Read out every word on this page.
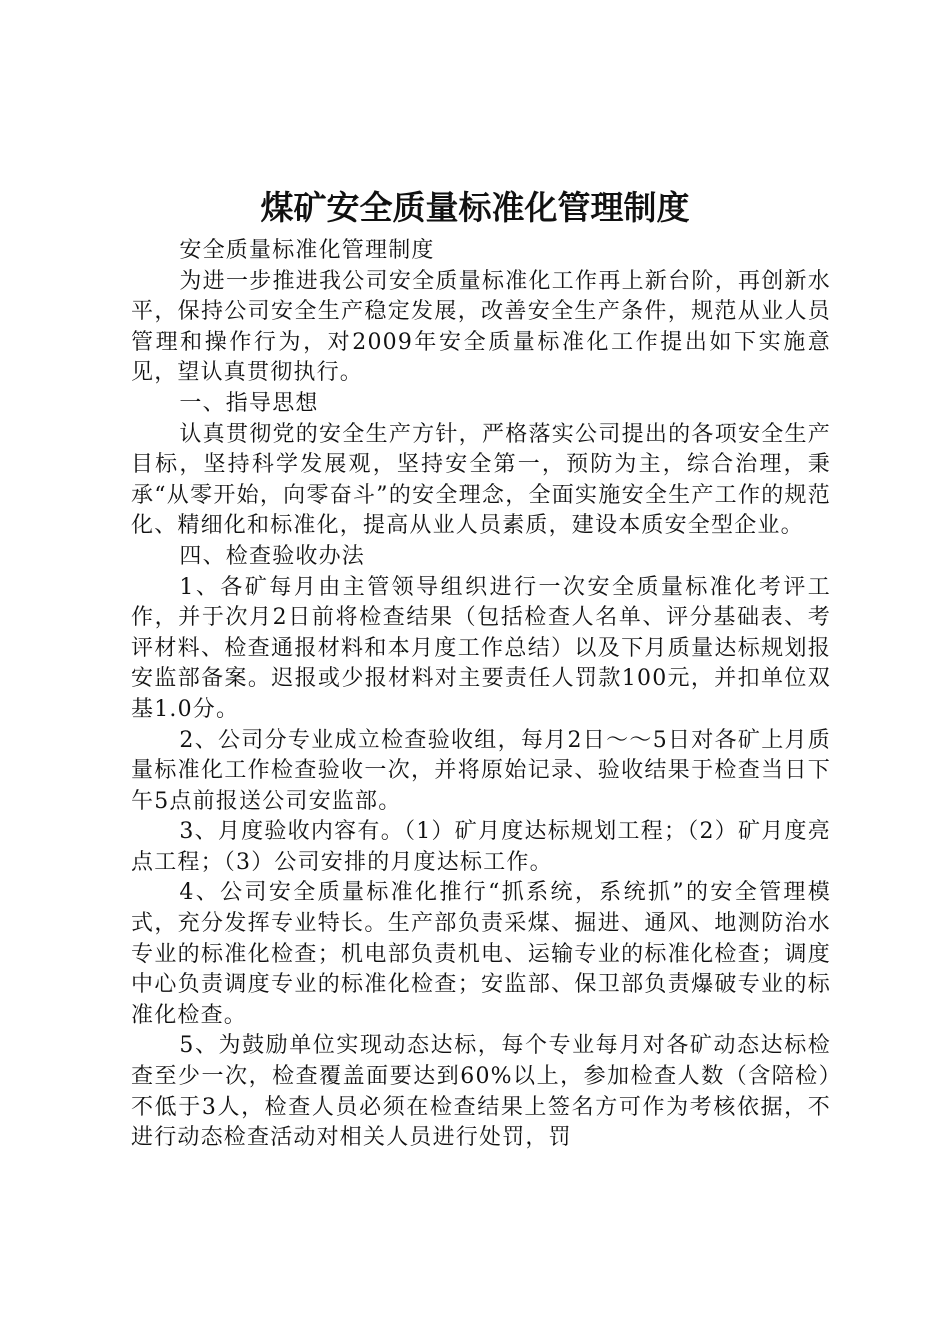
煤矿安全质量标准化管理制度

安全质量标准化管理制度

为进一步推进我公司安全质量标准化工作再上新台阶，再创新水平，保持公司安全生产稳定发展，改善安全生产条件，规范从业人员管理和操作行为，对2009年安全质量标准化工作提出如下实施意见，望认真贯彻执行。

一、指导思想

认真贯彻党的安全生产方针，严格落实公司提出的各项安全生产目标，坚持科学发展观，坚持安全第一，预防为主，综合治理，秉承“从零开始，向零奋斗”的安全理念，全面实施安全生产工作的规范化、精细化和标准化，提高从业人员素质，建设本质安全型企业。

四、检查验收办法

1、各矿每月由主管领导组织进行一次安全质量标准化考评工作，并于次月2日前将检查结果（包括检查人名单、评分基础表、考评材料、检查通报材料和本月度工作总结）以及下月质量达标规划报安监部备案。迟报或少报材料对主要责任人罚款100元，并扣单位双基1.0分。

2、公司分专业成立检查验收组，每月2日～～5日对各矿上月质量标准化工作检查验收一次，并将原始记录、验收结果于检查当日下午5点前报送公司安监部。

3、月度验收内容有。（1）矿月度达标规划工程；（2）矿月度亮点工程；（3）公司安排的月度达标工作。

4、公司安全质量标准化推行“抓系统，系统抓”的安全管理模式，充分发挥专业特长。生产部负责采煤、掘进、通风、地测防治水专业的标准化检查；机电部负责机电、运输专业的标准化检查；调度中心负责调度专业的标准化检查；安监部、保卫部负责爆破专业的标准化检查。

5、为鼓励单位实现动态达标，每个专业每月对各矿动态达标检查至少一次，检查覆盖面要达到60%以上，参加检查人数（含陪检）不低于3人，检查人员必须在检查结果上签名方可作为考核依据，不进行动态检查活动对相关人员进行处罚，罚
